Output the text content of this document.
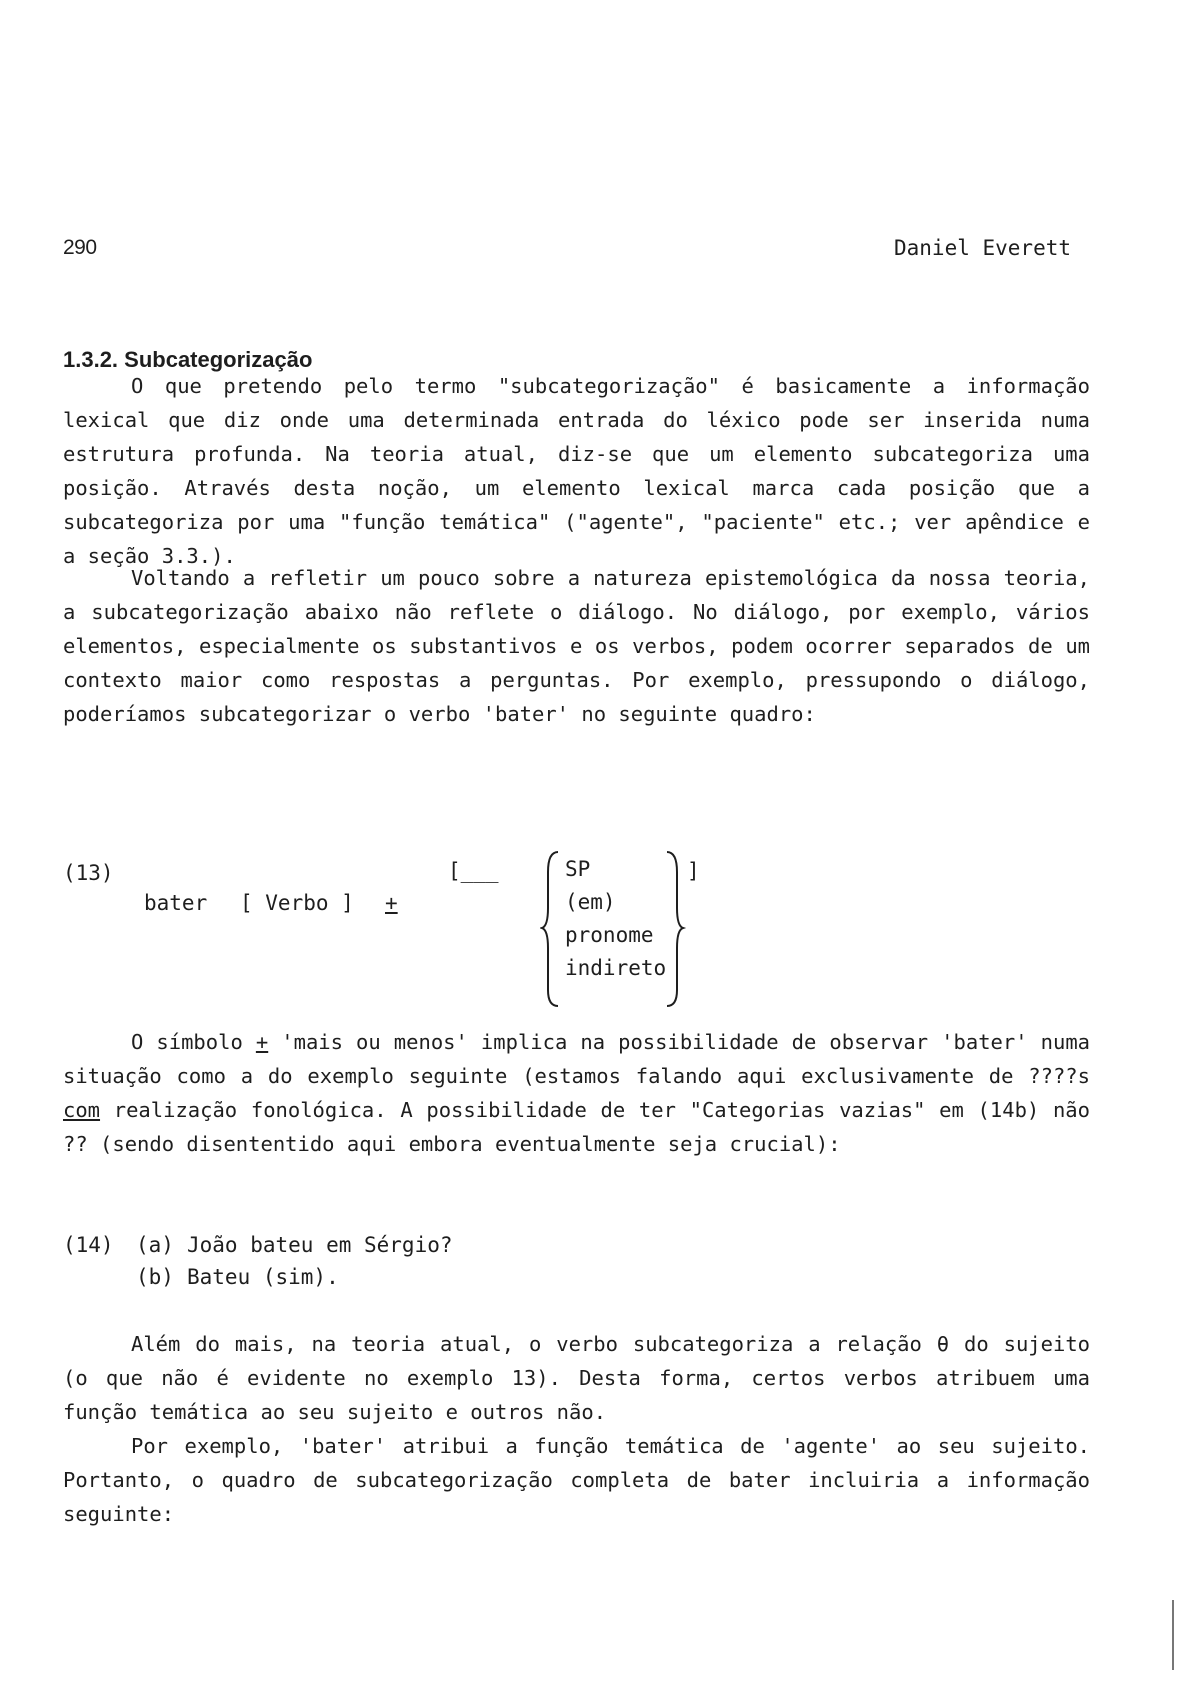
290	Daniel Everett
1.3.2. Subcategorização

O que pretendo pelo termo "subcategorização" é basicamente a informação lexical que diz onde uma determinada entrada do léxico pode ser inserida numa estrutura profunda. Na teoria atual, diz-se que um elemento subcategoriza uma posição. Através desta noção, um elemento lexical marca cada posição que a subcategoriza por uma "função temática" ("agente", "paciente" etc.; ver apêndice e a seção 3.3.).

Voltando a refletir um pouco sobre a natureza epistemológica da nossa teoria, a subcategorização abaixo não reflete o diálogo. No diálogo, por exemplo, vários elementos, especialmente os substantivos e os verbos, podem ocorrer separados de um contexto maior como respostas a perguntas. Por exemplo, pressupondo o diálogo, poderíamos subcategorizar o verbo 'bater' no seguinte quadro:

(13)
bater [ Verbo ] +
[___	SP
(em)
pronome
indireto
]

O símbolo + 'mais ou menos' implica na possibilidade de observar 'bater' numa situação como a do exemplo seguinte (estamos falando aqui exclusivamente de ????s com realização fonológica. A possibilidade de ter "Categorias vazias" em (14b) não ?? (sendo disententido aqui embora eventualmente seja crucial):

(14) (a) João bateu em Sérgio?
(b) Bateu (sim).

Além do mais, na teoria atual, o verbo subcategoriza a relação θ do sujeito (o que não é evidente no exemplo 13). Desta forma, certos verbos atribuem uma função temática ao seu sujeito e outros não.

Por exemplo, 'bater' atribui a função temática de 'agente' ao seu sujeito. Portanto, o quadro de subcategorização completa de bater incluiria a informação seguinte:
